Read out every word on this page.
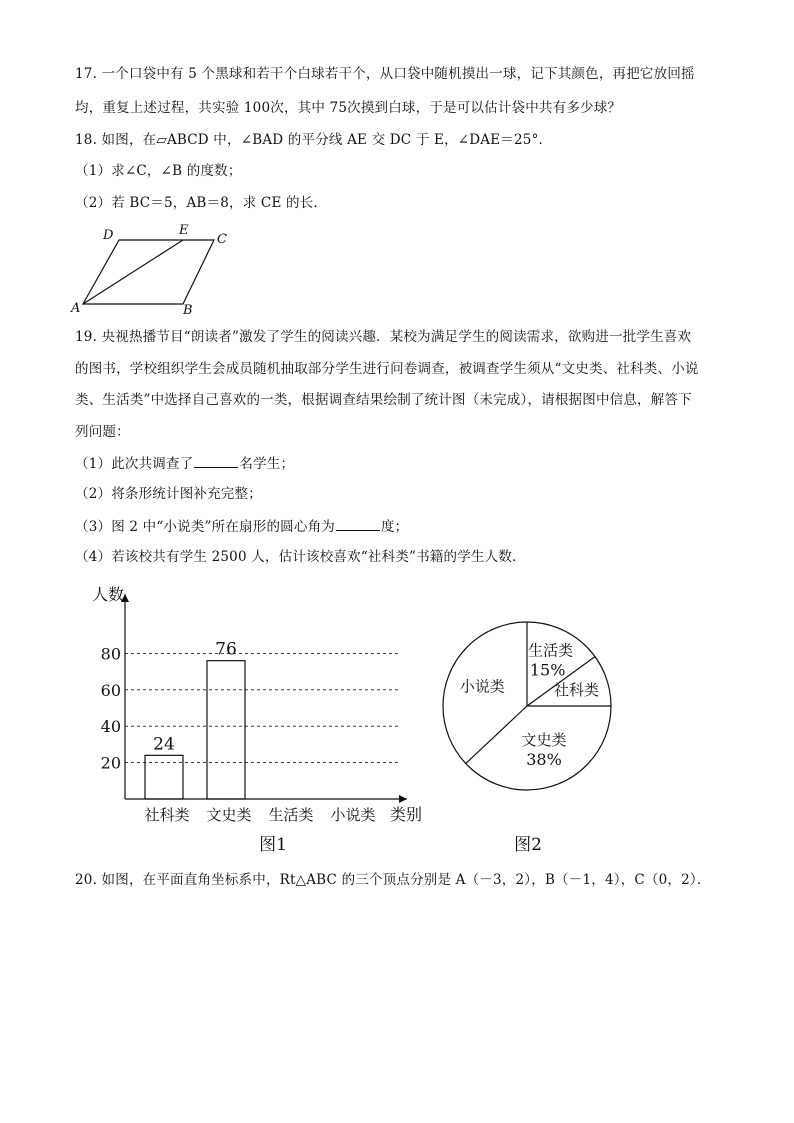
17. 一个口袋中有 5 个黑球和若干个白球若干个，从口袋中随机摸出一球，记下其颜色，再把它放回摇
均，重复上述过程，共实验 100次，其中 75次摸到白球，于是可以估计袋中共有多少球？
18. 如图，在▱ABCD 中，∠BAD 的平分线 AE 交 DC 于 E，∠DAE＝25°．
（1）求∠C，∠B 的度数；
（2）若 BC＝5，AB＝8，求 CE 的长．
D	E
C
A	B
19. 央视热播节目“朗读者”激发了学生的阅读兴趣．某校为满足学生的阅读需求，欲购进一批学生喜欢
的图书，学校组织学生会成员随机抽取部分学生进行问卷调查，被调查学生须从“文史类、社科类、小说
类、生活类”中选择自己喜欢的一类，根据调查结果绘制了统计图（未完成），请根据图中信息，解答下
列问题：
（1）此次共调查了	名学生；
（2）将条形统计图补充完整；
（3）图 2 中“小说类”所在扇形的圆心角为	度；
（4）若该校共有学生 2500 人，估计该校喜欢“社科类”书籍的学生人数．
人数
类别
20
40
60
80
社科类
24
文史类
76
生活类 小说类
图1
生活类
15%
社科类
文史类
38%
小说类
图2
20. 如图，在平面直角坐标系中，Rt△ABC 的三个顶点分别是 A（－3，2），B（－1，4），C（0，2）．
